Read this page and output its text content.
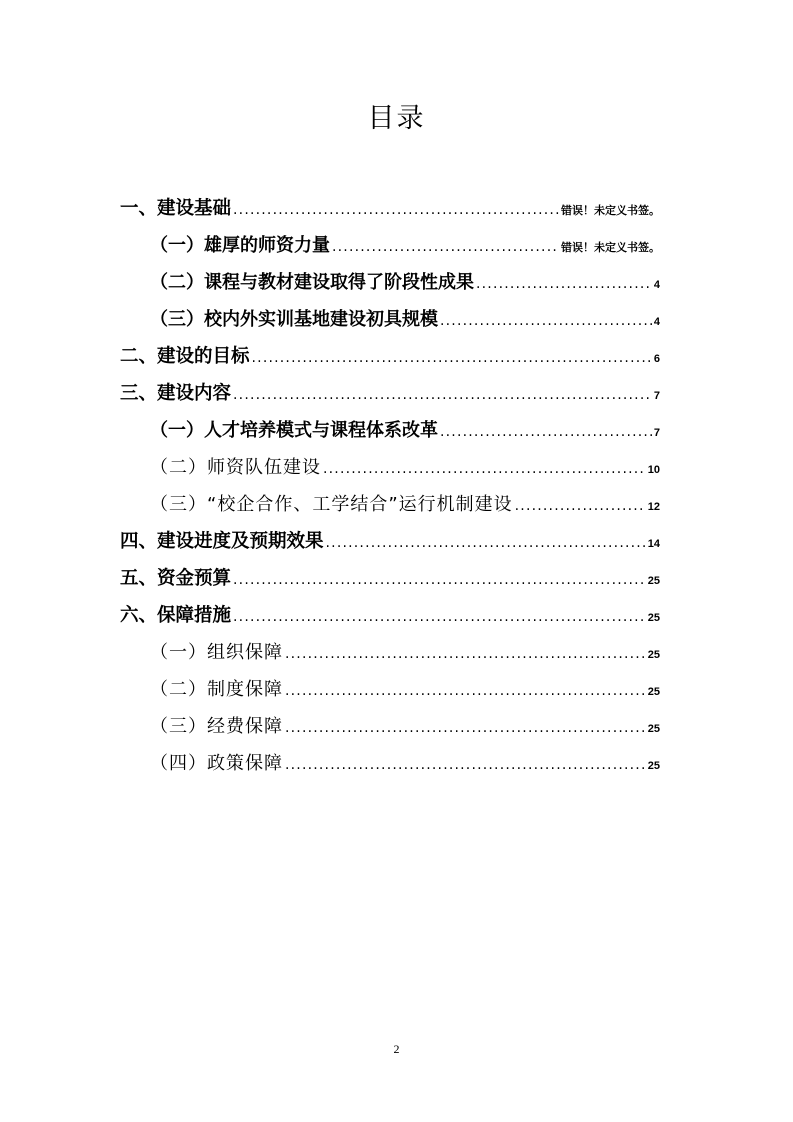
目录
一、建设基础 .....	错误！未定义书签。
（一）雄厚的师资力量 .....	错误！未定义书签。
（二）课程与教材建设取得了阶段性成果 .....	4
（三）校内外实训基地建设初具规模 .....	4
二、建设的目标 .....	6
三、建设内容 .....	7
（一）人才培养模式与课程体系改革 .....	7
（二）师资队伍建设 .....	10
（三）“校企合作、工学结合”运行机制建设 .....	12
四、建设进度及预期效果 .....	14
五、资金预算 .....	25
六、保障措施 .....	25
（一）组织保障 .....	25
（二）制度保障 .....	25
（三）经费保障 .....	25
（四）政策保障 .....	25
2
